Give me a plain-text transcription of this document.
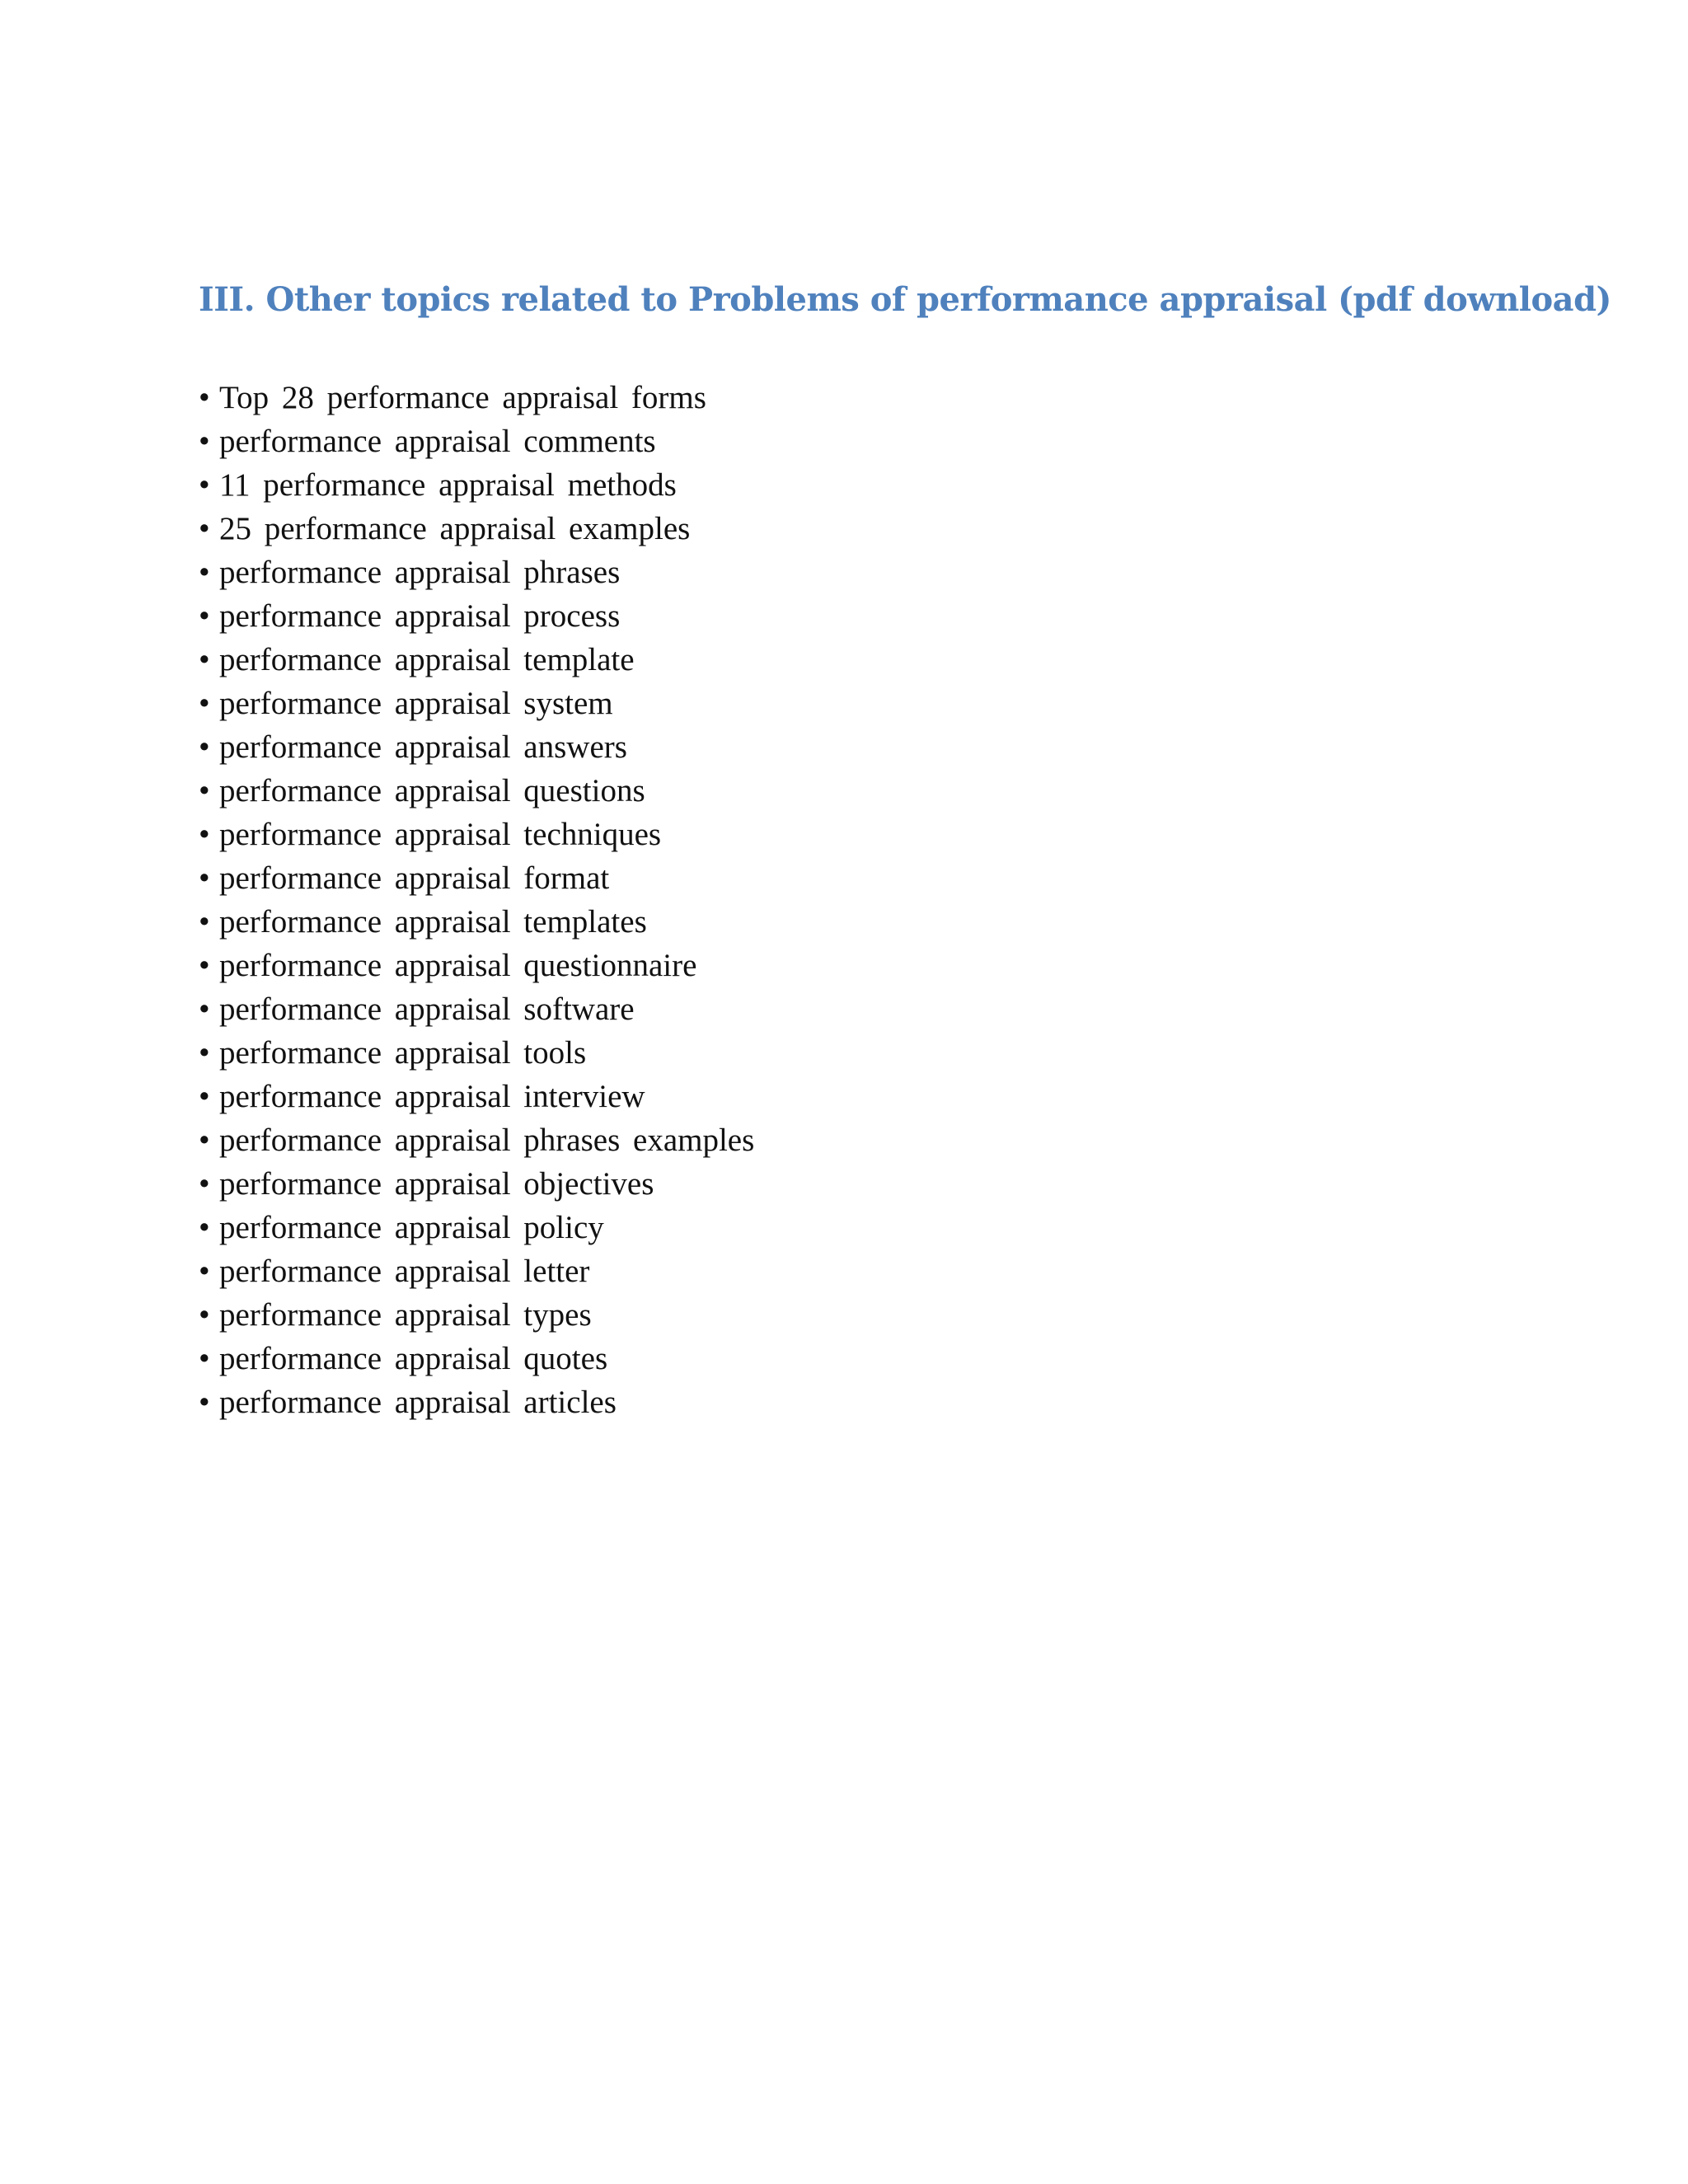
III. Other topics related to Problems of performance appraisal (pdf download)
• Top 28 performance appraisal forms
• performance appraisal comments
• 11 performance appraisal methods
• 25 performance appraisal examples
• performance appraisal phrases
• performance appraisal process
• performance appraisal template
• performance appraisal system
• performance appraisal answers
• performance appraisal questions
• performance appraisal techniques
• performance appraisal format
• performance appraisal templates
• performance appraisal questionnaire
• performance appraisal software
• performance appraisal tools
• performance appraisal interview
• performance appraisal phrases examples
• performance appraisal objectives
• performance appraisal policy
• performance appraisal letter
• performance appraisal types
• performance appraisal quotes
• performance appraisal articles
